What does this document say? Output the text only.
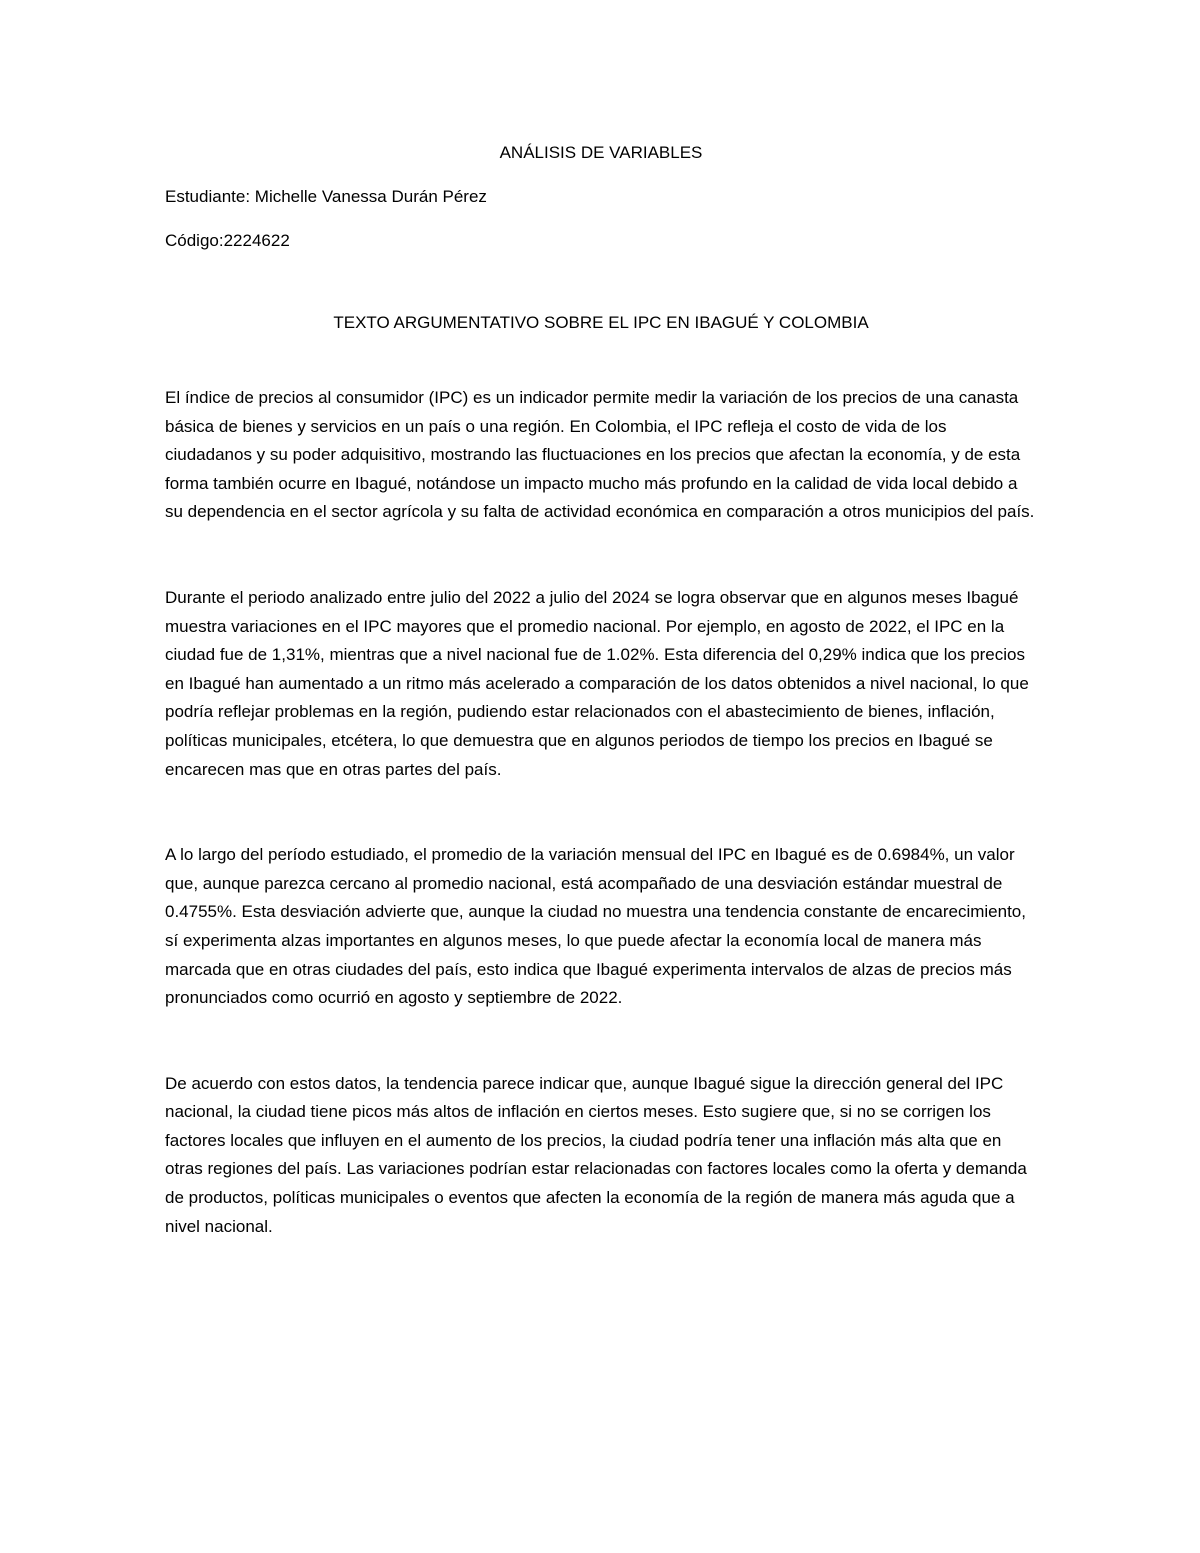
ANÁLISIS DE VARIABLES

Estudiante: Michelle Vanessa Durán Pérez

Código:2224622

TEXTO ARGUMENTATIVO SOBRE EL IPC EN IBAGUÉ Y COLOMBIA

El índice de precios al consumidor (IPC) es un indicador permite medir la variación de los precios de una canasta básica de bienes y servicios en un país o una región. En Colombia, el IPC refleja el costo de vida de los ciudadanos y su poder adquisitivo, mostrando las fluctuaciones en los precios que afectan la economía, y de esta forma también ocurre en Ibagué, notándose un impacto mucho más profundo en la calidad de vida local debido a su dependencia en el sector agrícola y su falta de actividad económica en comparación a otros municipios del país.

Durante el periodo analizado entre julio del 2022 a julio del 2024 se logra observar que en algunos meses Ibagué muestra variaciones en el IPC mayores que el promedio nacional. Por ejemplo, en agosto de 2022, el IPC en la ciudad fue de 1,31%, mientras que a nivel nacional fue de 1.02%. Esta diferencia del 0,29% indica que los precios en Ibagué han aumentado a un ritmo más acelerado a comparación de los datos obtenidos a nivel nacional, lo que podría reflejar problemas en la región, pudiendo estar relacionados con el abastecimiento de bienes, inflación, políticas municipales, etcétera, lo que demuestra que en algunos periodos de tiempo los precios en Ibagué se encarecen mas que en otras partes del país.

A lo largo del período estudiado, el promedio de la variación mensual del IPC en Ibagué es de 0.6984%, un valor que, aunque parezca cercano al promedio nacional, está acompañado de una desviación estándar muestral de 0.4755%. Esta desviación advierte que, aunque la ciudad no muestra una tendencia constante de encarecimiento, sí experimenta alzas importantes en algunos meses, lo que puede afectar la economía local de manera más marcada que en otras ciudades del país, esto indica que Ibagué experimenta intervalos de alzas de precios más pronunciados como ocurrió en agosto y septiembre de 2022.

De acuerdo con estos datos, la tendencia parece indicar que, aunque Ibagué sigue la dirección general del IPC nacional, la ciudad tiene picos más altos de inflación en ciertos meses. Esto sugiere que, si no se corrigen los factores locales que influyen en el aumento de los precios, la ciudad podría tener una inflación más alta que en otras regiones del país. Las variaciones podrían estar relacionadas con factores locales como la oferta y demanda de productos, políticas municipales o eventos que afecten la economía de la región de manera más aguda que a nivel nacional.
